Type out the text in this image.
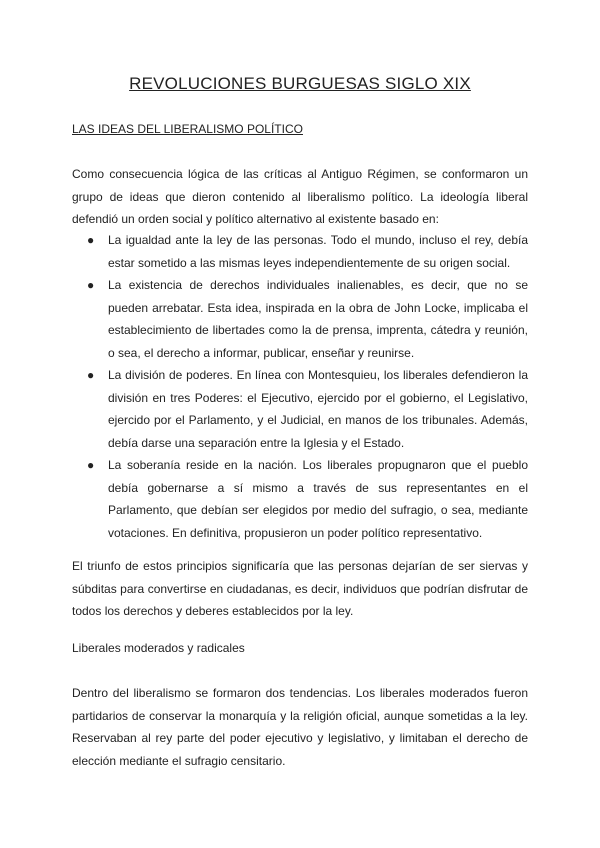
REVOLUCIONES BURGUESAS SIGLO XIX
LAS IDEAS DEL LIBERALISMO POLÍTICO

Como consecuencia lógica de las críticas al Antiguo Régimen, se conformaron un grupo de ideas que dieron contenido al liberalismo político. La ideología liberal defendió un orden social y político alternativo al existente basado en:

● La igualdad ante la ley de las personas. Todo el mundo, incluso el rey, debía estar sometido a las mismas leyes independientemente de su origen social.
● La existencia de derechos individuales inalienables, es decir, que no se pueden arrebatar. Esta idea, inspirada en la obra de John Locke, implicaba el establecimiento de libertades como la de prensa, imprenta, cátedra y reunión, o sea, el derecho a informar, publicar, enseñar y reunirse.
● La división de poderes. En línea con Montesquieu, los liberales defendieron la división en tres Poderes: el Ejecutivo, ejercido por el gobierno, el Legislativo, ejercido por el Parlamento, y el Judicial, en manos de los tribunales. Además, debía darse una separación entre la Iglesia y el Estado.
● La soberanía reside en la nación. Los liberales propugnaron que el pueblo debía gobernarse a sí mismo a través de sus representantes en el Parlamento, que debían ser elegidos por medio del sufragio, o sea, mediante votaciones. En definitiva, propusieron un poder político representativo.

El triunfo de estos principios significaría que las personas dejarían de ser siervas y súbditas para convertirse en ciudadanas, es decir, individuos que podrían disfrutar de todos los derechos y deberes establecidos por la ley.

Liberales moderados y radicales

Dentro del liberalismo se formaron dos tendencias. Los liberales moderados fueron partidarios de conservar la monarquía y la religión oficial, aunque sometidas a la ley. Reservaban al rey parte del poder ejecutivo y legislativo, y limitaban el derecho de elección mediante el sufragio censitario.
